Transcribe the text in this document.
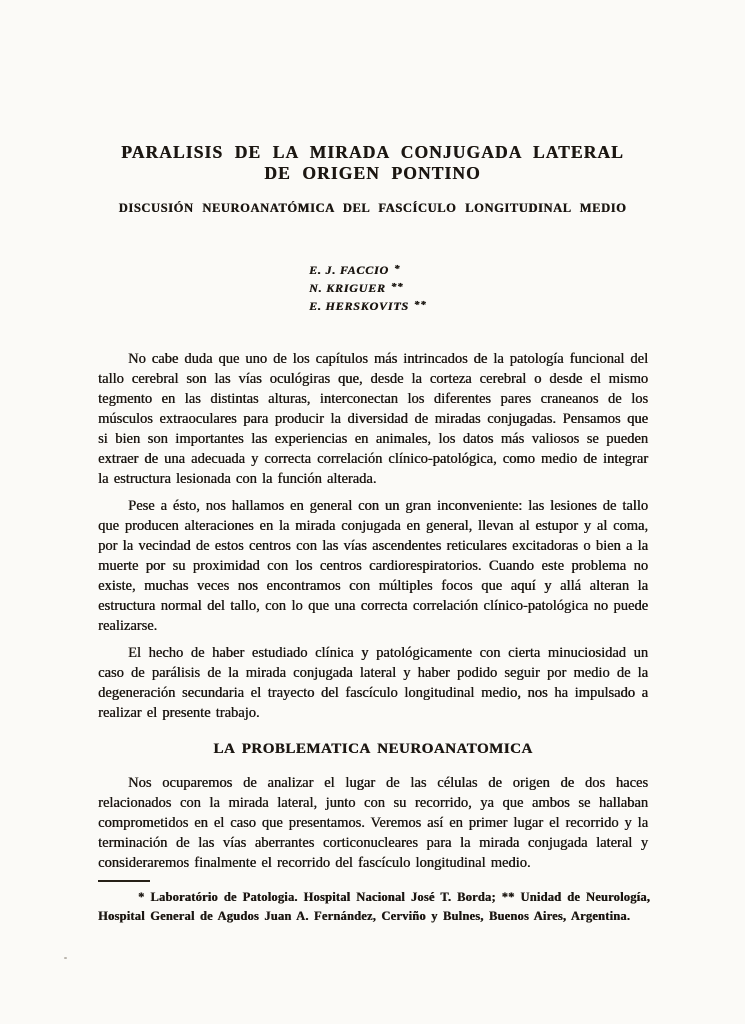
PARALISIS DE LA MIRADA CONJUGADA LATERAL
DE ORIGEN PONTINO
DISCUSIÓN NEUROANATÓMICA DEL FASCÍCULO LONGITUDINAL MEDIO
E. J. FACCIO *
N. KRIGUER **
E. HERSKOVITS **

No cabe duda que uno de los capítulos más intrincados de la patología funcional del tallo cerebral son las vías oculógiras que, desde la corteza cerebral o desde el mismo tegmento en las distintas alturas, interconectan los diferentes pares craneanos de los músculos extraoculares para producir la diversidad de miradas conjugadas. Pensamos que si bien son importantes las experiencias en animales, los datos más valiosos se pueden extraer de una adecuada y correcta correlación clínico-patológica, como medio de integrar la estructura lesionada con la función alterada.

Pese a ésto, nos hallamos en general con un gran inconveniente: las lesiones de tallo que producen alteraciones en la mirada conjugada en general, llevan al estupor y al coma, por la vecindad de estos centros con las vías ascendentes reticulares excitadoras o bien a la muerte por su proximidad con los centros cardiorespiratorios. Cuando este problema no existe, muchas veces nos encontramos con múltiples focos que aquí y allá alteran la estructura normal del tallo, con lo que una correcta correlación clínico-patológica no puede realizarse.

El hecho de haber estudiado clínica y patológicamente con cierta minuciosidad un caso de parálisis de la mirada conjugada lateral y haber podido seguir por medio de la degeneración secundaria el trayecto del fascículo longitudinal medio, nos ha impulsado a realizar el presente trabajo.

LA PROBLEMATICA NEUROANATOMICA

Nos ocuparemos de analizar el lugar de las células de origen de dos haces relacionados con la mirada lateral, junto con su recorrido, ya que ambos se hallaban comprometidos en el caso que presentamos. Veremos así en primer lugar el recorrido y la terminación de las vías aberrantes corticonucleares para la mirada conjugada lateral y consideraremos finalmente el recorrido del fascículo longitudinal medio.

* Laboratório de Patologia. Hospital Nacional José T. Borda; ** Unidad de Neurología, Hospital General de Agudos Juan A. Fernández, Cerviño y Bulnes, Buenos Aires, Argentina.
